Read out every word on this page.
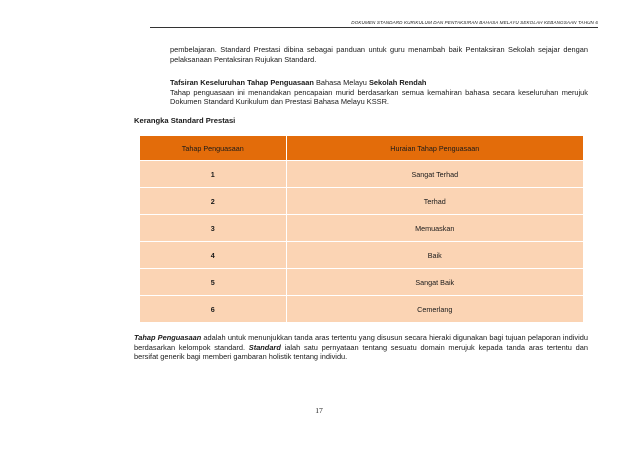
DOKUMEN STANDARD KURIKULUM DAN PENTAKSIRAN BAHASA MELAYU SEKOLAH KEBANGSAAN TAHUN 6
pembelajaran. Standard Prestasi dibina sebagai panduan untuk guru menambah baik Pentaksiran Sekolah sejajar dengan pelaksanaan Pentaksiran Rujukan Standard.
Tafsiran Keseluruhan Tahap Penguasaan Bahasa Melayu Sekolah Rendah
Tahap penguasaan ini menandakan pencapaian murid berdasarkan semua kemahiran bahasa secara keseluruhan merujuk Dokumen Standard Kurikulum dan Prestasi Bahasa Melayu KSSR.
Kerangka Standard Prestasi
Tahap Penguasaan	Huraian Tahap Penguasaan
1	Sangat Terhad
2	Terhad
3	Memuaskan
4	Baik
5	Sangat Baik
6	Cemerlang
Tahap Penguasaan adalah untuk menunjukkan tanda aras tertentu yang disusun secara hieraki digunakan bagi tujuan pelaporan individu berdasarkan kelompok standard. Standard ialah satu pernyataan tentang sesuatu domain merujuk kepada tanda aras tertentu dan bersifat generik bagi memberi gambaran holistik tentang individu.
17
